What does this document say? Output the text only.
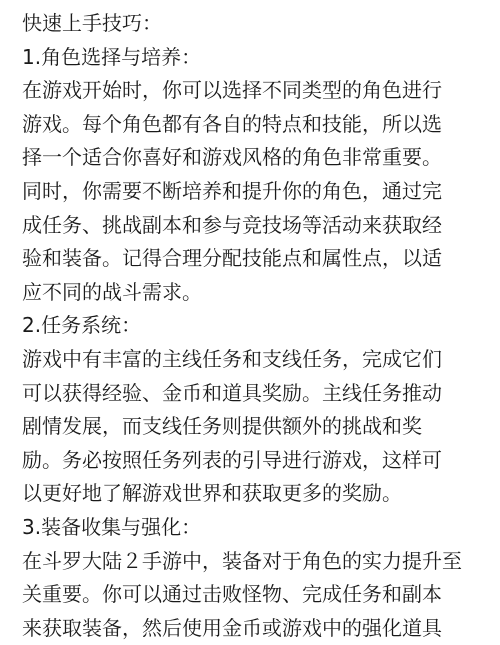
快速上手技巧：
1.角色选择与培养：
在游戏开始时，你可以选择不同类型的角色进行
游戏。每个角色都有各自的特点和技能，所以选
择一个适合你喜好和游戏风格的角色非常重要。
同时，你需要不断培养和提升你的角色，通过完
成任务、挑战副本和参与竞技场等活动来获取经
验和装备。记得合理分配技能点和属性点，以适
应不同的战斗需求。
2.任务系统：
游戏中有丰富的主线任务和支线任务，完成它们
可以获得经验、金币和道具奖励。主线任务推动
剧情发展，而支线任务则提供额外的挑战和奖
励。务必按照任务列表的引导进行游戏，这样可
以更好地了解游戏世界和获取更多的奖励。
3.装备收集与强化：
在斗罗大陆２手游中，装备对于角色的实力提升至
关重要。你可以通过击败怪物、完成任务和副本
来获取装备，然后使用金币或游戏中的强化道具
